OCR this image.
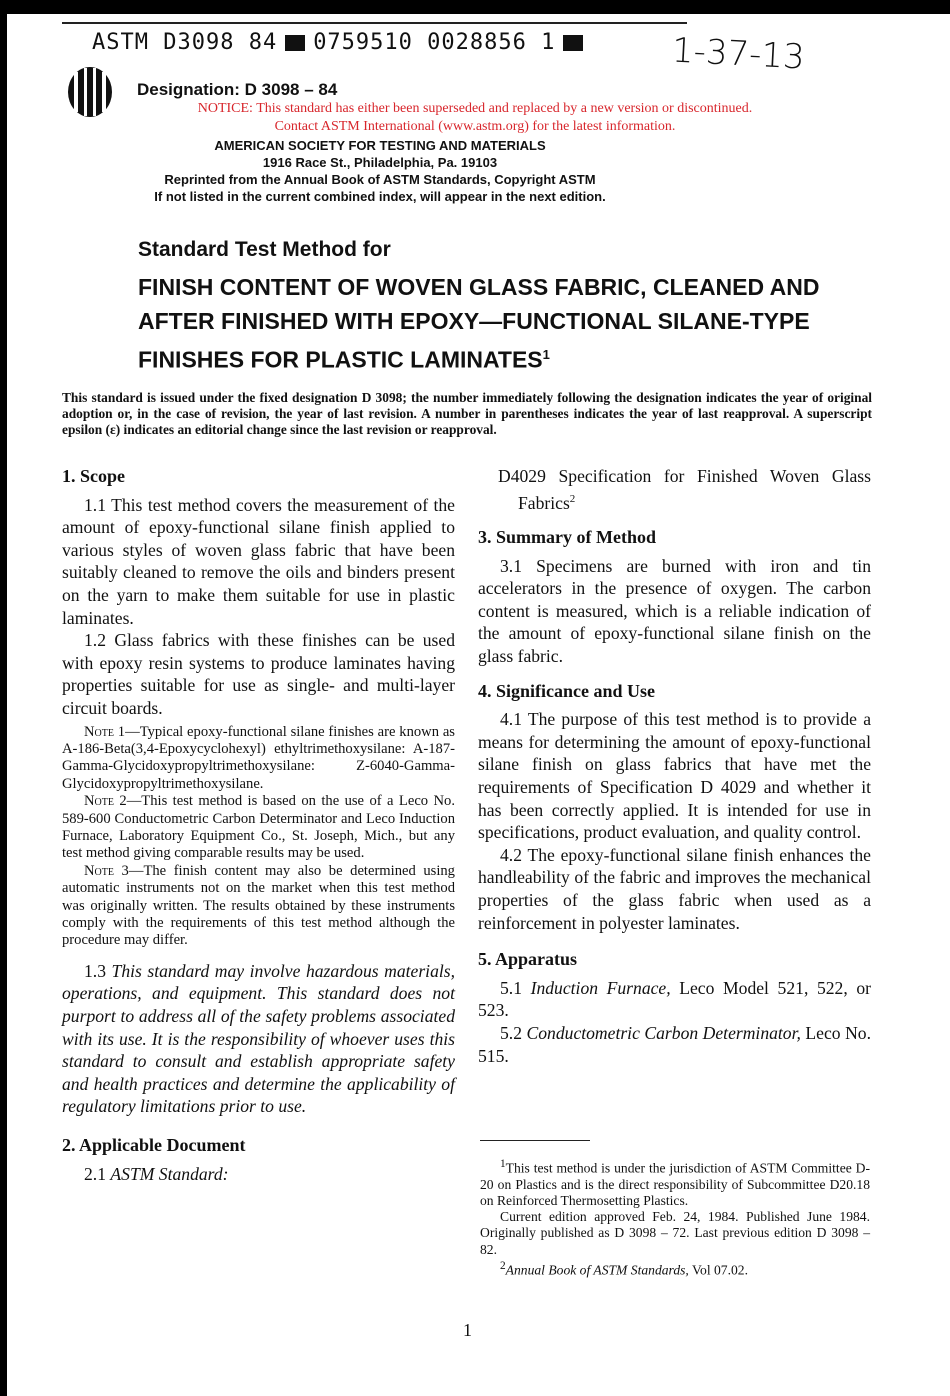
ASTM D3098 84 0759510 0028856 1	1-37-13
Designation: D 3098 – 84
NOTICE: This standard has either been superseded and replaced by a new version or discontinued.
Contact ASTM International (www.astm.org) for the latest information.
AMERICAN SOCIETY FOR TESTING AND MATERIALS
1916 Race St., Philadelphia, Pa. 19103
Reprinted from the Annual Book of ASTM Standards, Copyright ASTM
If not listed in the current combined index, will appear in the next edition.
Standard Test Method for
FINISH CONTENT OF WOVEN GLASS FABRIC, CLEANED AND AFTER FINISHED WITH EPOXY—FUNCTIONAL SILANE-TYPE FINISHES FOR PLASTIC LAMINATES$^1$
This standard is issued under the fixed designation D 3098; the number immediately following the designation indicates the year of original adoption or, in the case of revision, the year of last revision. A number in parentheses indicates the year of last reapproval. A superscript epsilon (ε) indicates an editorial change since the last revision or reapproval.
1. Scope

1.1 This test method covers the measurement of the amount of epoxy-functional silane finish applied to various styles of woven glass fabric that have been suitably cleaned to remove the oils and binders present on the yarn to make them suitable for use in plastic laminates.

1.2 Glass fabrics with these finishes can be used with epoxy resin systems to produce laminates having properties suitable for use as single- and multi-layer circuit boards.

Note 1—Typical epoxy-functional silane finishes are known as A-186-Beta(3,4-Epoxycyclohexyl) ethyltrimethoxysilane: A-187-Gamma-Glycidoxypropyltrimethoxysilane: Z-6040-Gamma-Glycidoxypropyltrimethoxysilane.

Note 2—This test method is based on the use of a Leco No. 589-600 Conductometric Carbon Determinator and Leco Induction Furnace, Laboratory Equipment Co., St. Joseph, Mich., but any test method giving comparable results may be used.

Note 3—The finish content may also be determined using automatic instruments not on the market when this test method was originally written. The results obtained by these instruments comply with the requirements of this test method although the procedure may differ.

1.3 This standard may involve hazardous materials, operations, and equipment. This standard does not purport to address all of the safety problems associated with its use. It is the responsibility of whoever uses this standard to consult and establish appropriate safety and health practices and determine the applicability of regulatory limitations prior to use.

2. Applicable Document

2.1 ASTM Standard:

D4029 Specification for Finished Woven Glass Fabrics$^2$

3. Summary of Method

3.1 Specimens are burned with iron and tin accelerators in the presence of oxygen. The carbon content is measured, which is a reliable indication of the amount of epoxy-functional silane finish on the glass fabric.

4. Significance and Use

4.1 The purpose of this test method is to provide a means for determining the amount of epoxy-functional silane finish on glass fabrics that have met the requirements of Specification D 4029 and whether it has been correctly applied. It is intended for use in specifications, product evaluation, and quality control.

4.2 The epoxy-functional silane finish enhances the handleability of the fabric and improves the mechanical properties of the glass fabric when used as a reinforcement in polyester laminates.

5. Apparatus

5.1 Induction Furnace, Leco Model 521, 522, or 523.

5.2 Conductometric Carbon Determinator, Leco No. 515.

$^1$This test method is under the jurisdiction of ASTM Committee D-20 on Plastics and is the direct responsibility of Subcommittee D20.18 on Reinforced Thermosetting Plastics.

Current edition approved Feb. 24, 1984. Published June 1984. Originally published as D 3098 – 72. Last previous edition D 3098 – 82.

$^2$Annual Book of ASTM Standards, Vol 07.02.

1
